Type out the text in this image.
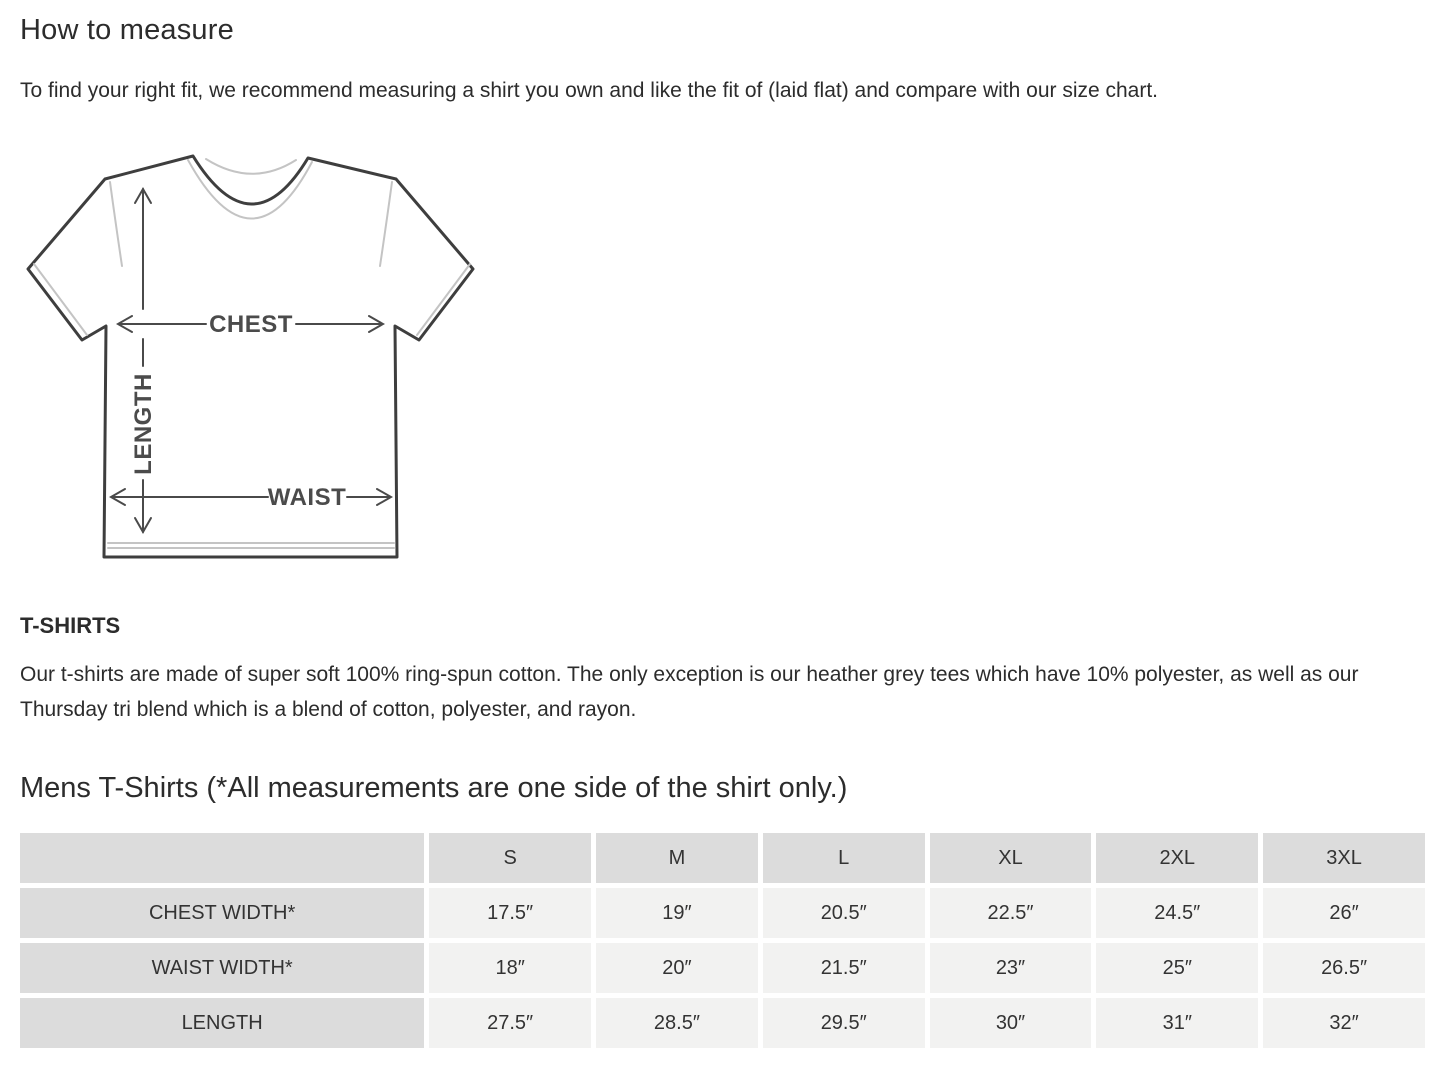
How to measure

To find your right fit, we recommend measuring a shirt you own and like the fit of (laid flat) and compare with our size chart.

LENGTH
CHEST
WAIST
T-SHIRTS

Our t-shirts are made of super soft 100% ring-spun cotton. The only exception is our heather grey tees which have 10% polyester, as well as our Thursday tri blend which is a blend of cotton, polyester, and rayon.

Mens T-Shirts (*All measurements are one side of the shirt only.)
	S	M	L	XL	2XL	3XL
CHEST WIDTH*	17.5″	19″	20.5″	22.5″	24.5″	26″
WAIST WIDTH*	18″	20″	21.5″	23″	25″	26.5″
LENGTH	27.5″	28.5″	29.5″	30″	31″	32″
